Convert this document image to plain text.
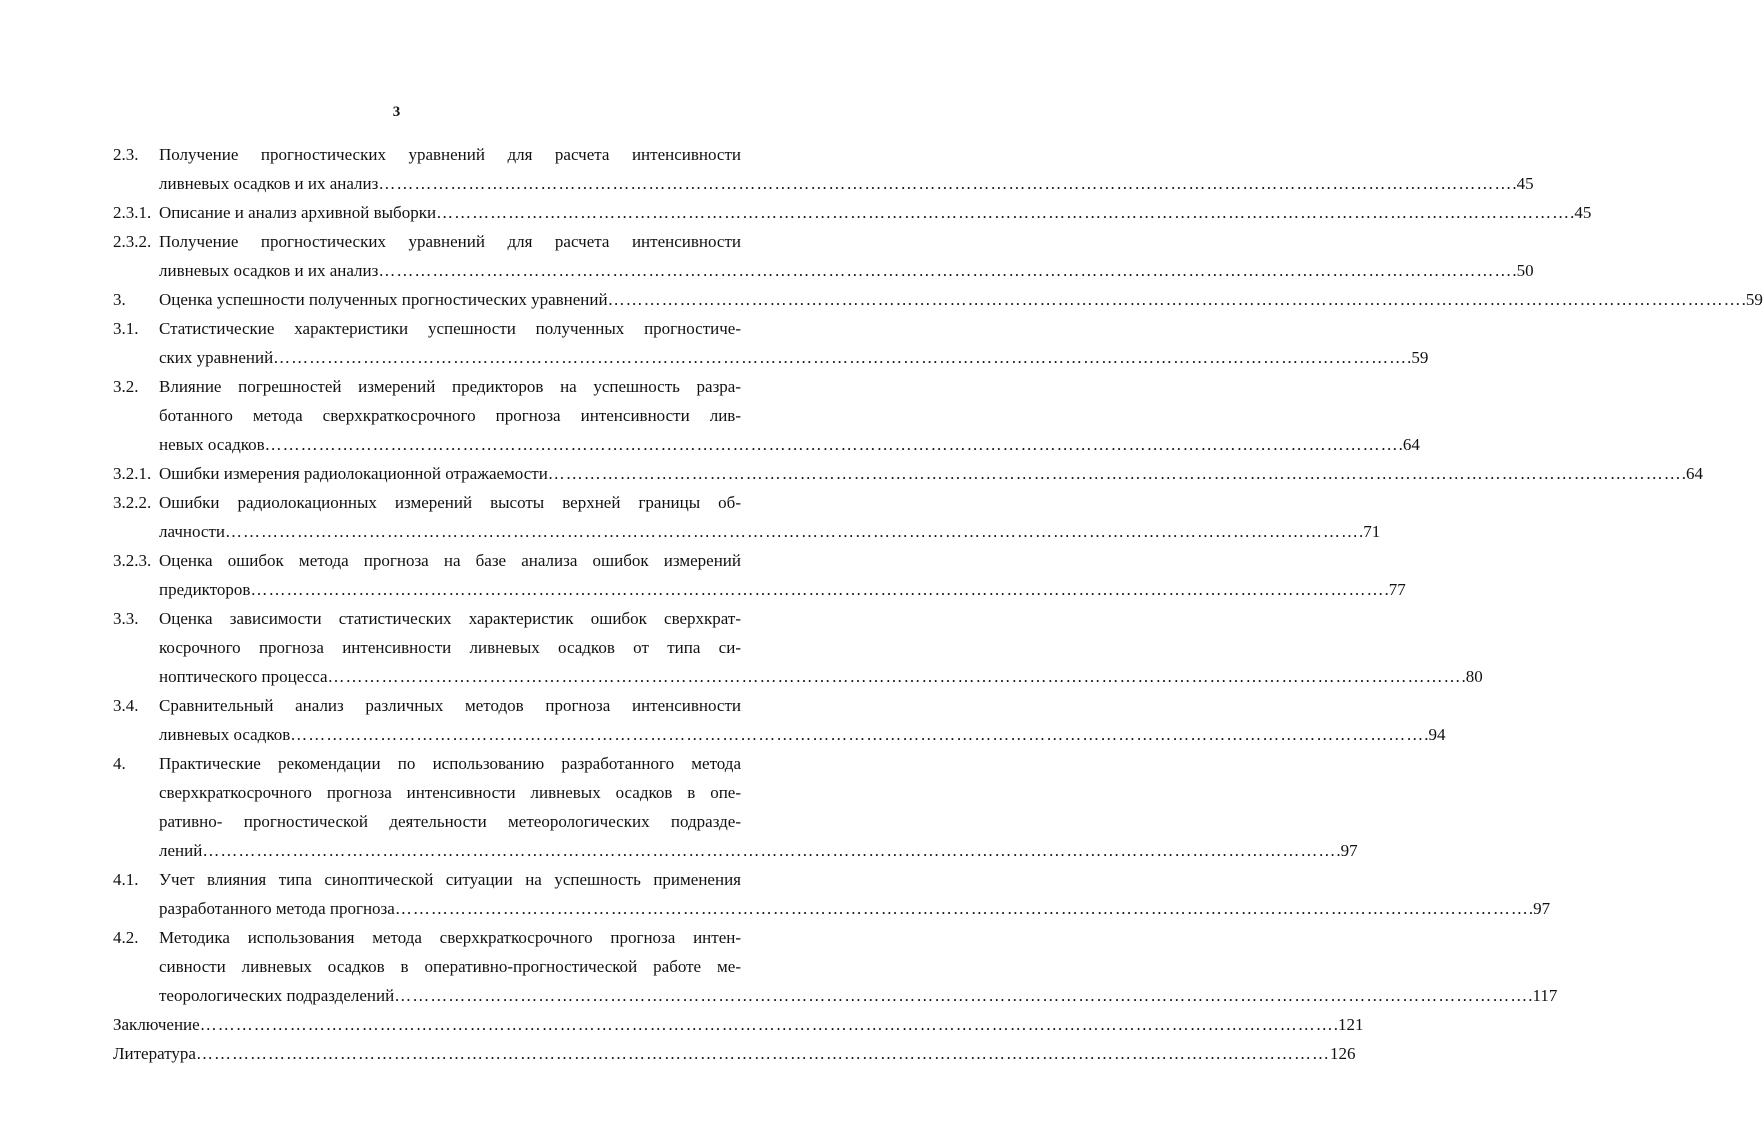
3
2.3. Получение прогностических уравнений для расчета интенсивности
ливневых осадков и их анализ ……………………………………………………………………………………………………………………………………………………………………… .45
2.3.1. Описание и анализ архивной выборки ……………………………………………………………………………………………………………………………………………………………………… .45
2.3.2. Получение прогностических уравнений для расчета интенсивности
ливневых осадков и их анализ ……………………………………………………………………………………………………………………………………………………………………… .50
3. Оценка успешности полученных прогностических уравнений ……………………………………………………………………………………………………………………………………………………………………… .59
3.1. Статистические характеристики успешности полученных прогностиче-
ских уравнений ……………………………………………………………………………………………………………………………………………………………………… .59
3.2. Влияние погрешностей измерений предикторов на успешность разра-
ботанного метода сверхкраткосрочного прогноза интенсивности лив-
невых осадков ……………………………………………………………………………………………………………………………………………………………………… .64
3.2.1. Ошибки измерения радиолокационной отражаемости ……………………………………………………………………………………………………………………………………………………………………… .64
3.2.2. Ошибки радиолокационных измерений высоты верхней границы об-
лачности ……………………………………………………………………………………………………………………………………………………………………… .71
3.2.3. Оценка ошибок метода прогноза на базе анализа ошибок измерений
предикторов ……………………………………………………………………………………………………………………………………………………………………… .77
3.3. Оценка зависимости статистических характеристик ошибок сверхкрат-
косрочного прогноза интенсивности ливневых осадков от типа си-
ноптического процесса ……………………………………………………………………………………………………………………………………………………………………… .80
3.4. Сравнительный анализ различных методов прогноза интенсивности
ливневых осадков ……………………………………………………………………………………………………………………………………………………………………… .94
4. Практические рекомендации по использованию разработанного метода
сверхкраткосрочного прогноза интенсивности ливневых осадков в опе-
ративно- прогностической деятельности метеорологических подразде-
лений ……………………………………………………………………………………………………………………………………………………………………… .97
4.1. Учет влияния типа синоптической ситуации на успешность применения
разработанного метода прогноза ……………………………………………………………………………………………………………………………………………………………………… .97
4.2. Методика использования метода сверхкраткосрочного прогноза интен-
сивности ливневых осадков в оперативно-прогностической работе ме-
теорологических подразделений ……………………………………………………………………………………………………………………………………………………………………… .117
Заключение ……………………………………………………………………………………………………………………………………………………………………… .121
Литература ……………………………………………………………………………………………………………………………………………………………………… 126
